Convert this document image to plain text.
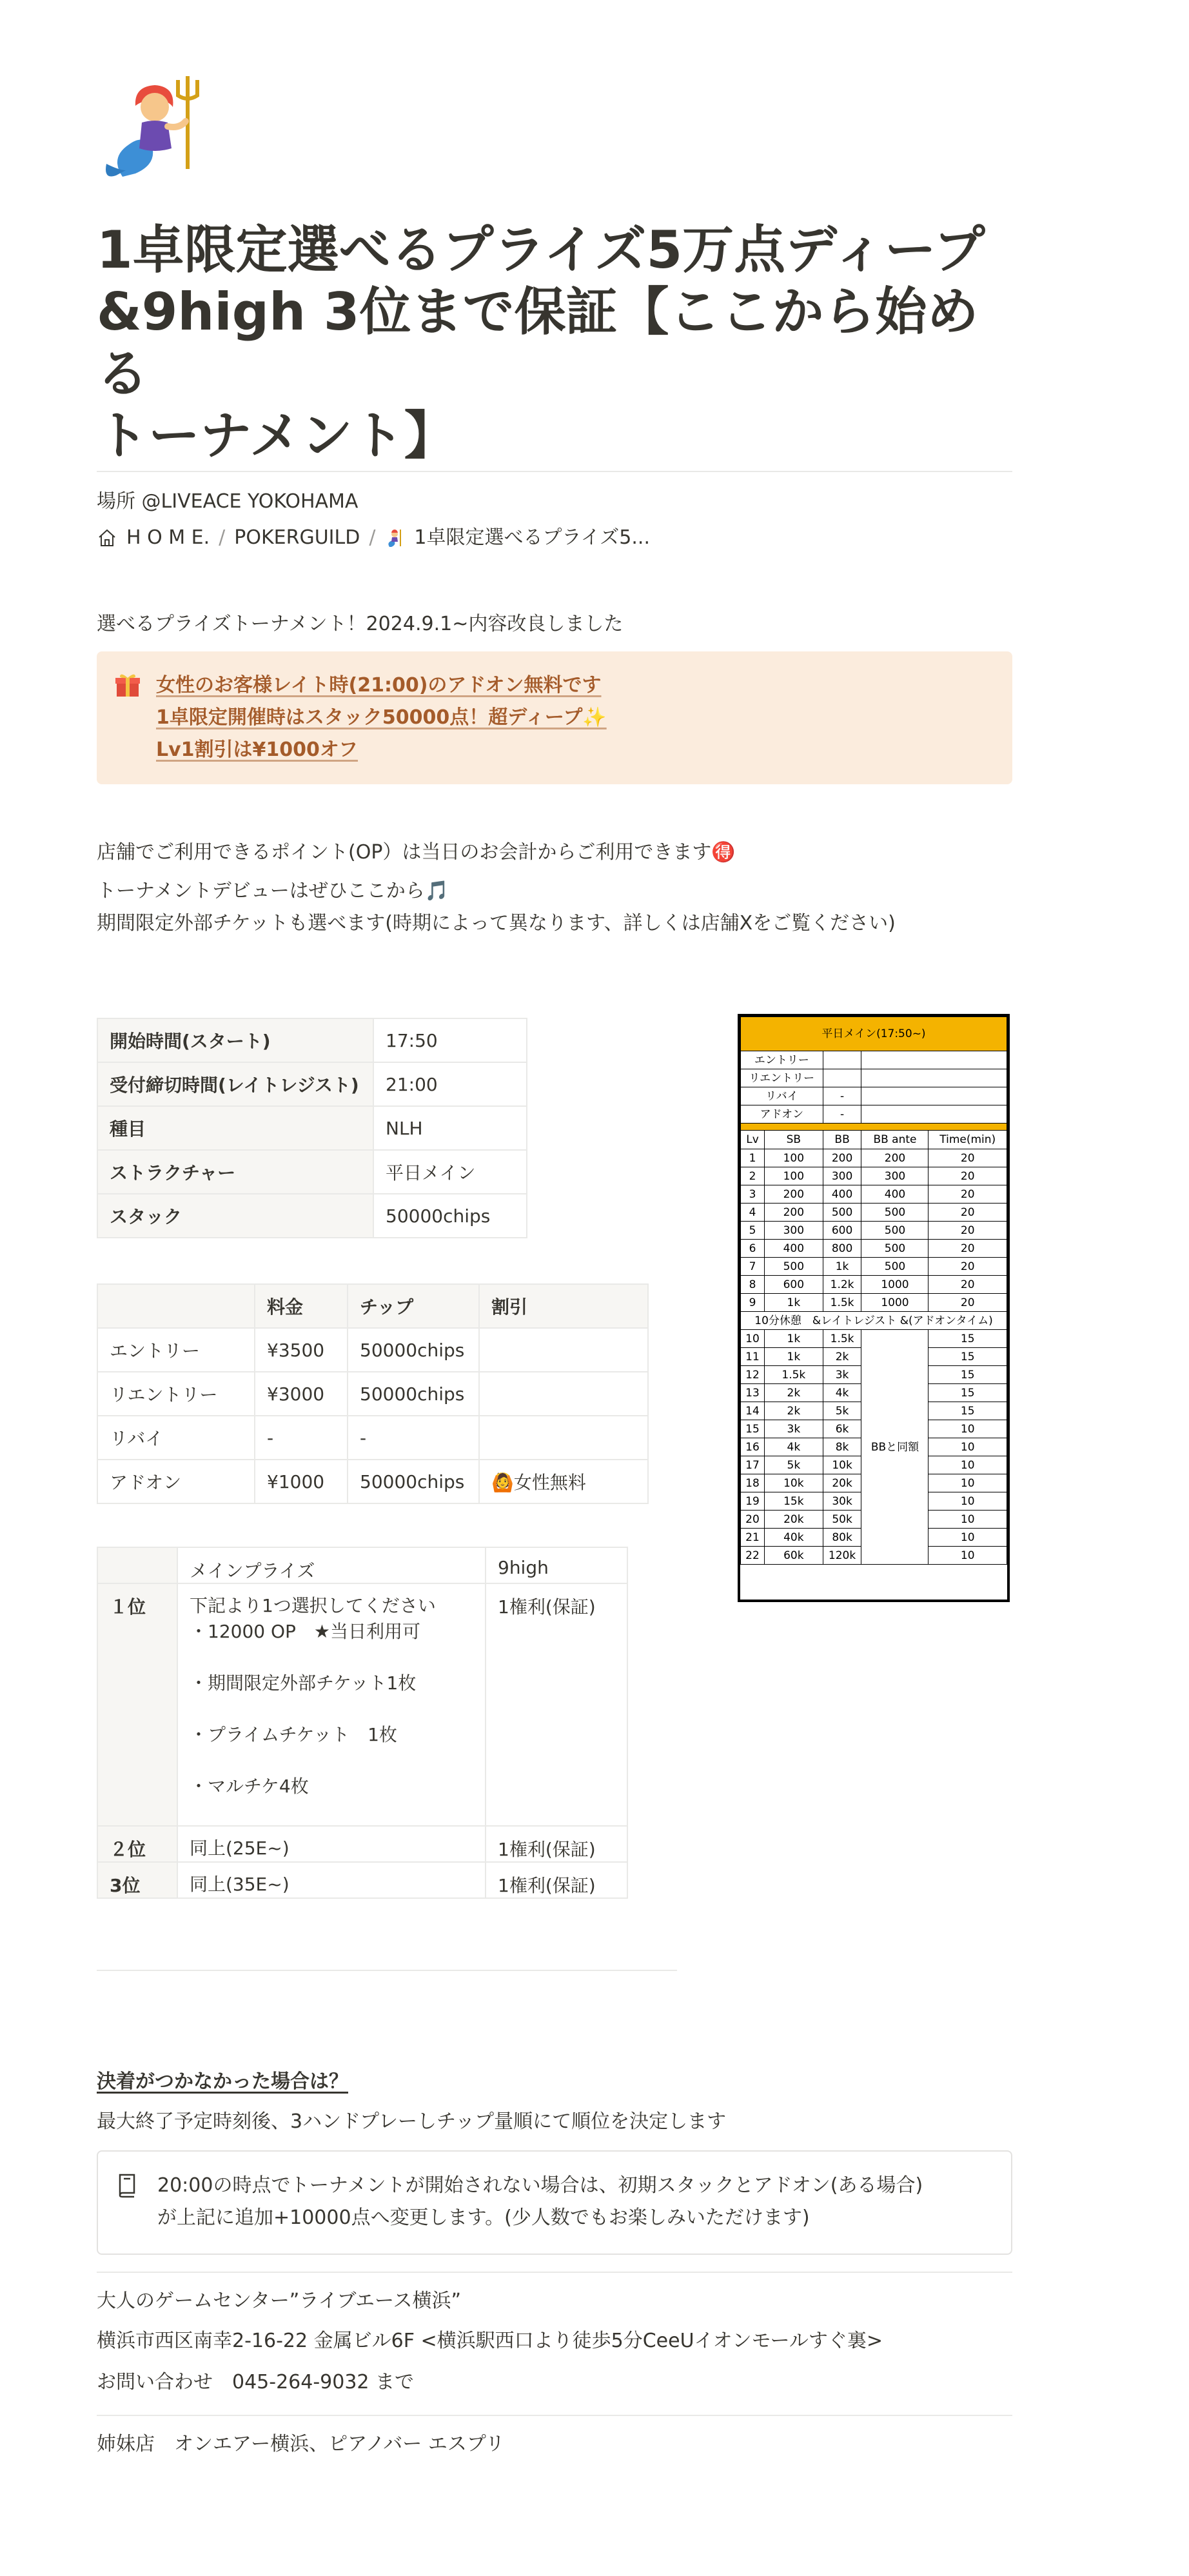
1卓限定選べるプライズ5万点ディープ
&9high 3位まで保証【ここから始める
トーナメント】
場所 @LIVEACE YOKOHAMA
H O M E. / POKERGUILD / 1卓限定選べるプライズ5...
選べるプライズトーナメント！2024.9.1~内容改良しました
女性のお客様レイト時(21:00)のアドオン無料です
1卓限定開催時はスタック50000点！超ディープ✨
Lv1割引は¥1000オフ
店舗でご利用できるポイント(OP）は当日のお会計からご利用できます🉐
トーナメントデビューはぜひここから🎵
期間限定外部チケットも選べます(時期によって異なります、詳しくは店舗Xをご覧ください)
開始時間(スタート)	17:50
受付締切時間(レイトレジスト)	21:00
種目	NLH
ストラクチャー	平日メイン
スタック	50000chips
	料金	チップ	割引
エントリー	¥3500	50000chips	
リエントリー	¥3000	50000chips	
リバイ	-	-	
アドオン	¥1000	50000chips	🙆女性無料
	メインプライズ	9high
１位	下記より1つ選択してください
・12000 OP　★当日利用可
・期間限定外部チケット1枚
・プライムチケット　1枚
・マルチケ4枚	1権利(保証)
２位	同上(25E~)	1権利(保証)
3位	同上(35E~)	1権利(保証)
平日メイン(17:50~)				
エントリー				
リエントリー				
リバイ		-		
アドオン		-		

Lv	SB	BB	BB ante	Time(min)
1	100	200	200	20
2	100	300	300	20
3	200	400	400	20
4	200	500	500	20
5	300	600	500	20
6	400	800	500	20
7	500	1k	500	20
8	600	1.2k	1000	20
9	1k	1.5k	1000	20
10分休憩　&レイトレジスト &(アドオンタイム)				
10	1k	1.5k	BBと同額	15
11	1k	2k		15
12	1.5k	3k		15
13	2k	4k		15
14	2k	5k		15
15	3k	6k		10
16	4k	8k		10
17	5k	10k		10
18	10k	20k		10
19	15k	30k		10
20	20k	50k		10
21	40k	80k		10
22	60k	120k		10
決着がつかなかった場合は？
最大終了予定時刻後、3ハンドプレーしチップ量順にて順位を決定します
20:00の時点でトーナメントが開始されない場合は、初期スタックとアドオン(ある場合)
が上記に追加+10000点へ変更します。(少人数でもお楽しみいただけます)
大人のゲームセンター”ライブエース横浜”
横浜市西区南幸2-16-22 金属ビル6F <横浜駅西口より徒歩5分CeeUイオンモールすぐ裏>
お問い合わせ　045-264-9032 まで
姉妹店　オンエアー横浜、ピアノバー エスプリ
